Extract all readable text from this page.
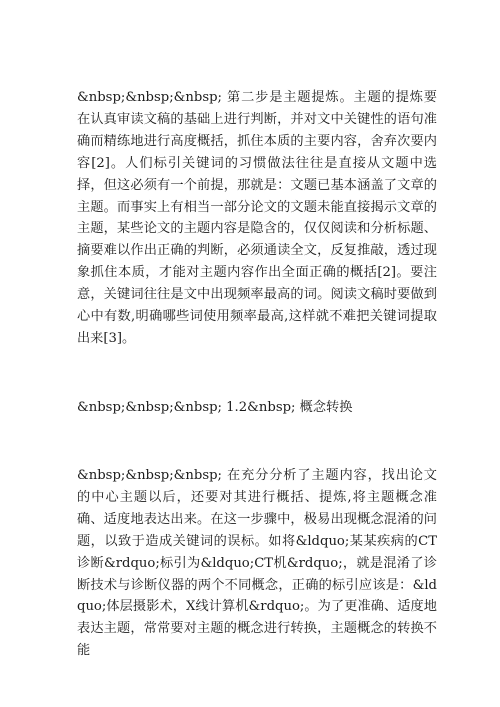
&nbsp;&nbsp;&nbsp; 第二步是主题提炼。主题的提炼要在认真审读文稿的基础上进行判断，并对文中关键性的语句准确而精练地进行高度概括，抓住本质的主要内容，舍弃次要内容[2]。人们标引关键词的习惯做法往往是直接从文题中选择，但这必须有一个前提，那就是：文题已基本涵盖了文章的主题。而事实上有相当一部分论文的文题未能直接揭示文章的主题，某些论文的主题内容是隐含的，仅仅阅读和分析标题、摘要难以作出正确的判断，必须通读全文，反复推敲，透过现象抓住本质，才能对主题内容作出全面正确的概括[2]。要注意，关键词往往是文中出现频率最高的词。阅读文稿时要做到心中有数,明确哪些词使用频率最高,这样就不难把关键词提取出来[3]。

&nbsp;&nbsp;&nbsp; 1.2&nbsp; 概念转换

&nbsp;&nbsp;&nbsp; 在充分分析了主题内容，找出论文的中心主题以后，还要对其进行概括、提炼,将主题概念准确、适度地表达出来。在这一步骤中，极易出现概念混淆的问题，以致于造成关键词的误标。如将&ldquo;某某疾病的CT诊断&rdquo;标引为&ldquo;CT机&rdquo;，就是混淆了诊断技术与诊断仪器的两个不同概念，正确的标引应该是：&ldquo;体层摄影术，X线计算机&rdquo;。为了更准确、适度地表达主题，常常要对主题的概念进行转换，主题概念的转换不能
